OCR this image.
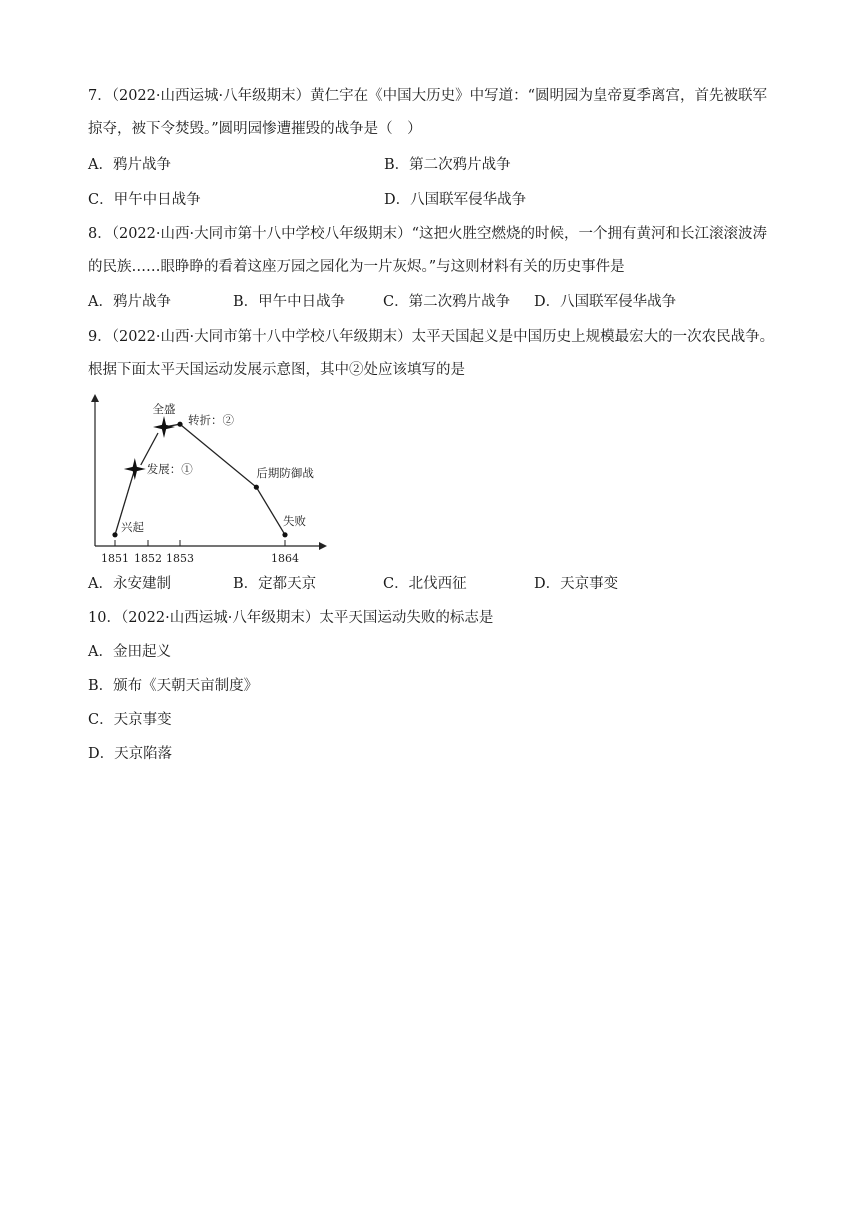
7．（2022·山西运城·八年级期末）黄仁宇在《中国大历史》中写道：“圆明园为皇帝夏季离宫，首先被联军
掠夺，被下令焚毁。”圆明园惨遭摧毁的战争是（　）
A．鸦片战争	B．第二次鸦片战争
C．甲午中日战争	D．八国联军侵华战争
8．（2022·山西·大同市第十八中学校八年级期末）“这把火胜空燃烧的时候，一个拥有黄河和长江滚滚波涛
的民族……眼睁睁的看着这座万园之园化为一片灰烬。”与这则材料有关的历史事件是
A．鸦片战争	B．甲午中日战争	C．第二次鸦片战争 D．八国联军侵华战争
9．（2022·山西·大同市第十八中学校八年级期末）太平天国起义是中国历史上规模最宏大的一次农民战争。
根据下面太平天国运动发展示意图，其中②处应该填写的是
1851 1852 1853	1864
兴起
发展：①
全盛
转折：②
后期防御战
失败
A．永安建制	B．定都天京	C．北伐西征	D．天京事变
10．（2022·山西运城·八年级期末）太平天国运动失败的标志是
A．金田起义
B．颁布《天朝天亩制度》
C．天京事变
D．天京陷落
